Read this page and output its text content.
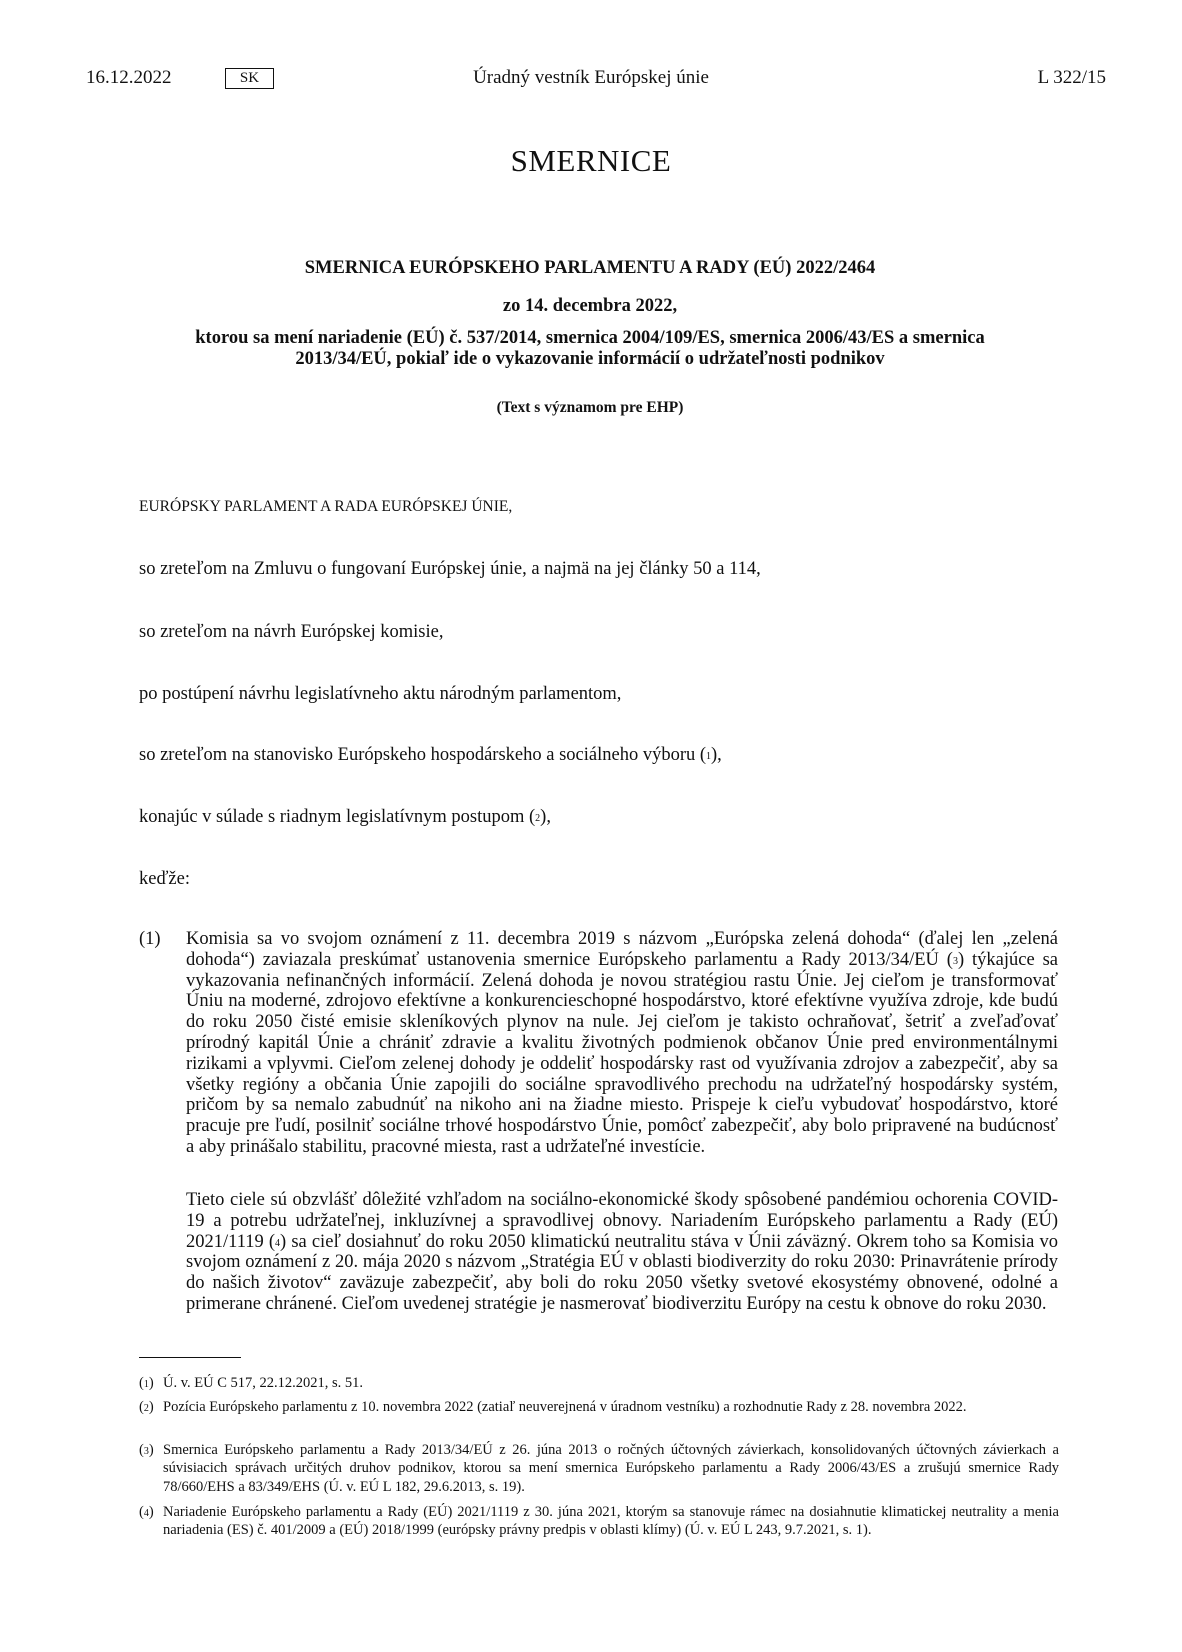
16.12.2022	SK	Úradný vestník Európskej únie	L 322/15
SMERNICE
SMERNICA EURÓPSKEHO PARLAMENTU A RADY (EÚ) 2022/2464
zo 14. decembra 2022,
ktorou sa mení nariadenie (EÚ) č. 537/2014, smernica 2004/109/ES, smernica 2006/43/ES a smernica
2013/34/EÚ, pokiaľ ide o vykazovanie informácií o udržateľnosti podnikov
(Text s významom pre EHP)
EURÓPSKY PARLAMENT A RADA EURÓPSKEJ ÚNIE,
so zreteľom na Zmluvu o fungovaní Európskej únie, a najmä na jej články 50 a 114,
so zreteľom na návrh Európskej komisie,
po postúpení návrhu legislatívneho aktu národným parlamentom,
so zreteľom na stanovisko Európskeho hospodárskeho a sociálneho výboru ($^1$),
konajúc v súlade s riadnym legislatívnym postupom ($^2$),
keďže:
(1) Komisia sa vo svojom oznámení z 11. decembra 2019 s názvom „Európska zelená dohoda“ (ďalej len „zelená dohoda“) zaviazala preskúmať ustanovenia smernice Európskeho parlamentu a Rady 2013/34/EÚ ($^3$) týkajúce sa vykazovania nefinančných informácií. Zelená dohoda je novou stratégiou rastu Únie. Jej cieľom je transformovať Úniu na moderné, zdrojovo efektívne a konkurencieschopné hospodárstvo, ktoré efektívne využíva zdroje, kde budú do roku 2050 čisté emisie skleníkových plynov na nule. Jej cieľom je takisto ochraňovať, šetriť a zveľaďovať prírodný kapitál Únie a chrániť zdravie a kvalitu životných podmienok občanov Únie pred environmentálnymi rizikami a vplyvmi. Cieľom zelenej dohody je oddeliť hospodársky rast od využívania zdrojov a zabezpečiť, aby sa všetky regióny a občania Únie zapojili do sociálne spravodlivého prechodu na udržateľný hospodársky systém, pričom by sa nemalo zabudnúť na nikoho ani na žiadne miesto. Prispeje k cieľu vybudovať hospodárstvo, ktoré pracuje pre ľudí, posilniť sociálne trhové hospodárstvo Únie, pomôcť zabezpečiť, aby bolo pripravené na budúcnosť a aby prinášalo stabilitu, pracovné miesta, rast a udržateľné investície.
Tieto ciele sú obzvlášť dôležité vzhľadom na sociálno-ekonomické škody spôsobené pandémiou ochorenia COVID-19 a potrebu udržateľnej, inkluzívnej a spravodlivej obnovy. Nariadením Európskeho parlamentu a Rady (EÚ) 2021/1119 ($^4$) sa cieľ dosiahnuť do roku 2050 klimatickú neutralitu stáva v Únii záväzný. Okrem toho sa Komisia vo svojom oznámení z 20. mája 2020 s názvom „Stratégia EÚ v oblasti biodiverzity do roku 2030: Prinavrátenie prírody do našich životov“ zaväzuje zabezpečiť, aby boli do roku 2050 všetky svetové ekosystémy obnovené, odolné a primerane chránené. Cieľom uvedenej stratégie je nasmerovať biodiverzitu Európy na cestu k obnove do roku 2030.
($^1$) Ú. v. EÚ C 517, 22.12.2021, s. 51.
($^2$) Pozícia Európskeho parlamentu z 10. novembra 2022 (zatiaľ neuverejnená v úradnom vestníku) a rozhodnutie Rady z 28. novembra 2022.
($^3$) Smernica Európskeho parlamentu a Rady 2013/34/EÚ z 26. júna 2013 o ročných účtovných závierkach, konsolidovaných účtovných závierkach a súvisiacich správach určitých druhov podnikov, ktorou sa mení smernica Európskeho parlamentu a Rady 2006/43/ES a zrušujú smernice Rady 78/660/EHS a 83/349/EHS (Ú. v. EÚ L 182, 29.6.2013, s. 19).
($^4$) Nariadenie Európskeho parlamentu a Rady (EÚ) 2021/1119 z 30. júna 2021, ktorým sa stanovuje rámec na dosiahnutie klimatickej neutrality a menia nariadenia (ES) č. 401/2009 a (EÚ) 2018/1999 (európsky právny predpis v oblasti klímy) (Ú. v. EÚ L 243, 9.7.2021, s. 1).
